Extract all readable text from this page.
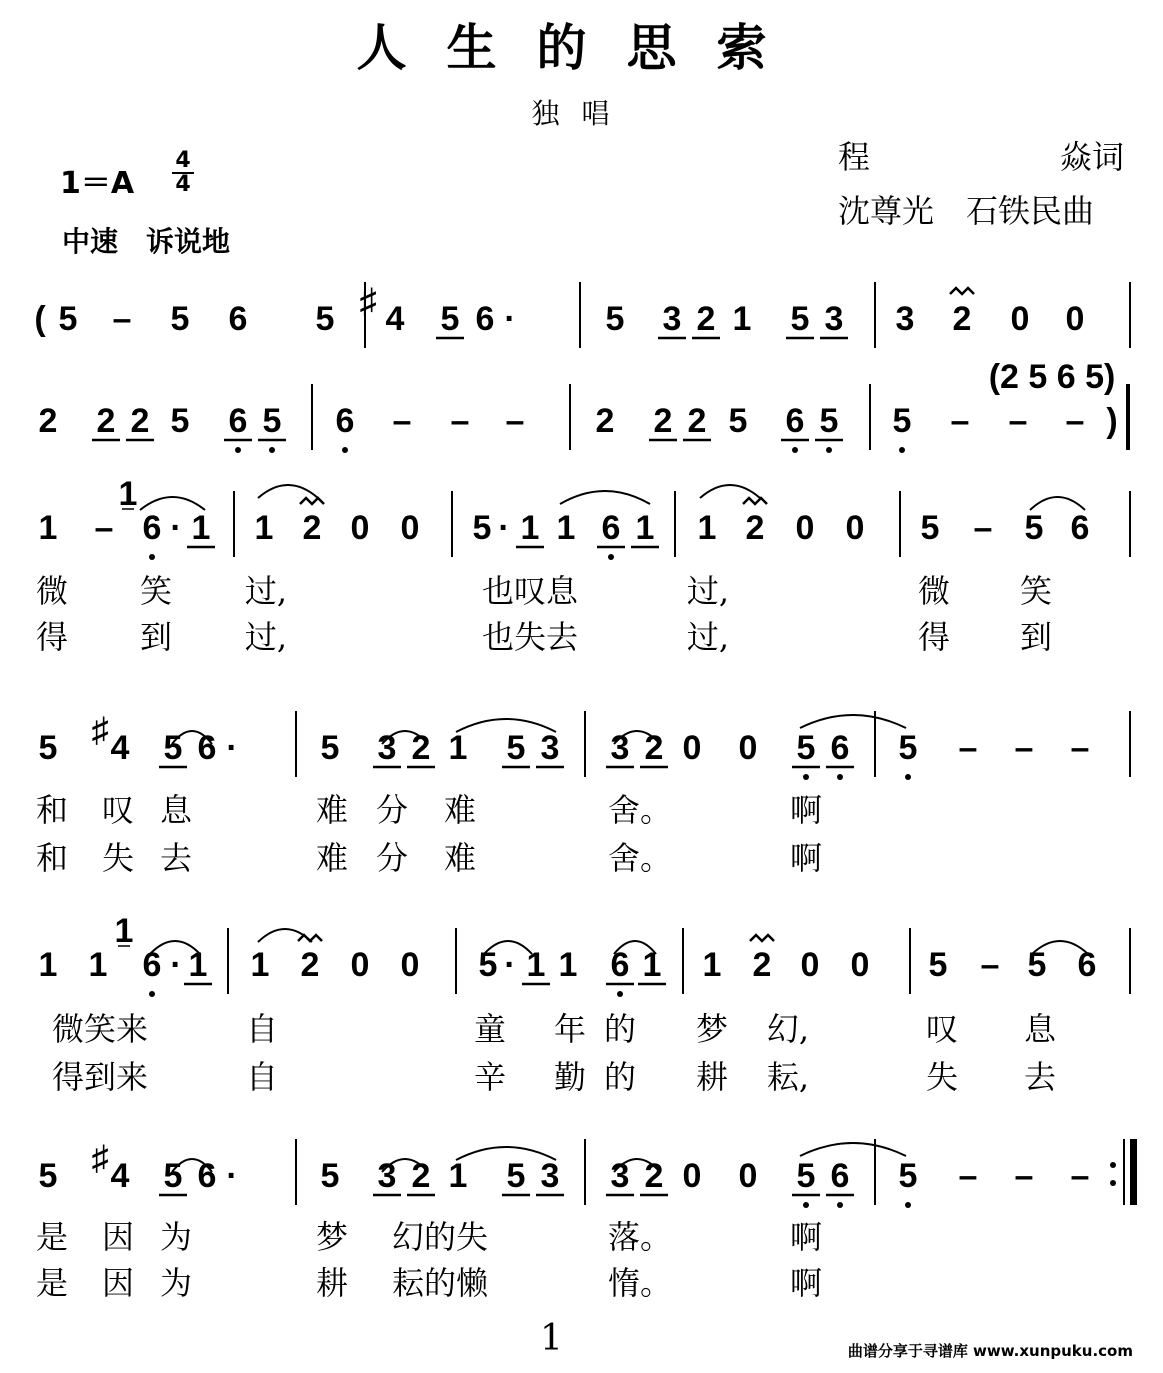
人生的思索
独唱
1＝A
4
4
中速　诉说地
程	焱词
沈尊光　石铁民曲
( 5 – 5 6 5 ♯ 4 5 6 ·	5 3 2 1 5 3 3 2 0 0
2 2 2 5 6 5 6 – – – 2 2 2 5 6 5 5 – – – )
1 – 6 · 1 1 2 0 0 5 · 1 1 6 1 1 2 0 0 5 – 5 6
5 ♯ 4 5 6 · 5 3 2 1 5 3 3 2 0 0 5 6 5 – – –
1 1 6 · 1 1 2 0 0 5 · 1 1 6 1 1 2 0 0 5 – 5 6
5 ♯ 4 5 6 · 5 3 2 1 5 3 3 2 0 0 5 6 5 – – –
(2 5 6 5)
1
1
微 笑 过,	也叹息	过,	微 笑
得 到 过,	也失去	过,	得 到
和 叹 息	难 分 难	舍。	啊
和 失 去	难 分 难	舍。	啊
微笑来	自	童 年 的 梦 幻,	叹 息
得到来	自	辛 勤 的 耕 耘,	失 去
是 因 为	梦 幻的失	落。	啊
是 因 为	耕 耘的懒	惰。	啊
1	曲谱分享于寻谱库 www.xunpuku.com
